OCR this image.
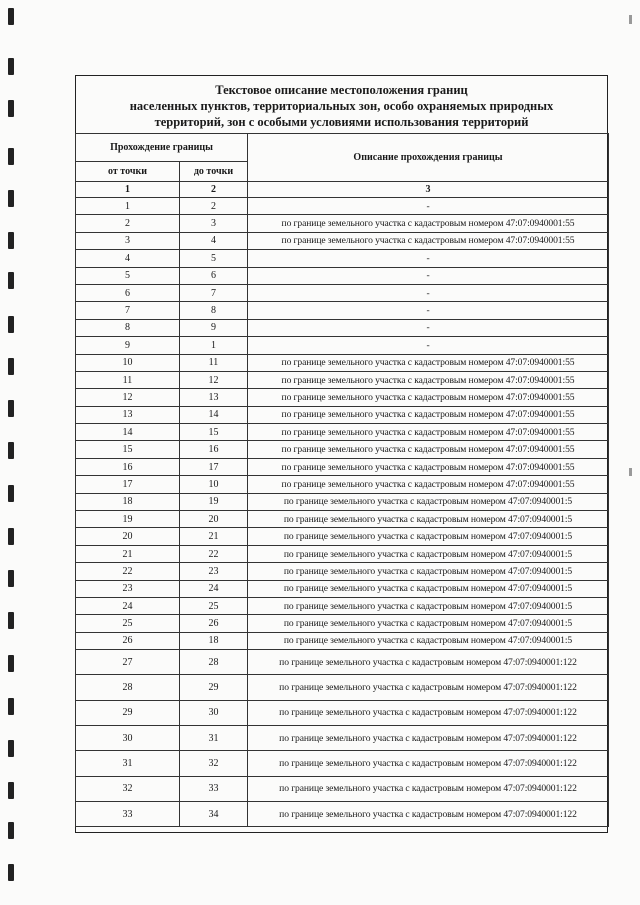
Текстовое описание местоположения границ
населенных пунктов, территориальных зон, особо охраняемых природных
территорий, зон с особыми условиями использования территорий
Прохождение границы		Описание прохождения границы
от точки	до точки	
1	2	3
1	2	-
2	3	по границе земельного участка с кадастровым номером 47:07:0940001:55
3	4	по границе земельного участка с кадастровым номером 47:07:0940001:55
4	5	-
5	6	-
6	7	-
7	8	-
8	9	-
9	1	-
10	11	по границе земельного участка с кадастровым номером 47:07:0940001:55
11	12	по границе земельного участка с кадастровым номером 47:07:0940001:55
12	13	по границе земельного участка с кадастровым номером 47:07:0940001:55
13	14	по границе земельного участка с кадастровым номером 47:07:0940001:55
14	15	по границе земельного участка с кадастровым номером 47:07:0940001:55
15	16	по границе земельного участка с кадастровым номером 47:07:0940001:55
16	17	по границе земельного участка с кадастровым номером 47:07:0940001:55
17	10	по границе земельного участка с кадастровым номером 47:07:0940001:55
18	19	по границе земельного участка с кадастровым номером 47:07:0940001:5
19	20	по границе земельного участка с кадастровым номером 47:07:0940001:5
20	21	по границе земельного участка с кадастровым номером 47:07:0940001:5
21	22	по границе земельного участка с кадастровым номером 47:07:0940001:5
22	23	по границе земельного участка с кадастровым номером 47:07:0940001:5
23	24	по границе земельного участка с кадастровым номером 47:07:0940001:5
24	25	по границе земельного участка с кадастровым номером 47:07:0940001:5
25	26	по границе земельного участка с кадастровым номером 47:07:0940001:5
26	18	по границе земельного участка с кадастровым номером 47:07:0940001:5
27	28	по границе земельного участка с кадастровым номером 47:07:0940001:122
28	29	по границе земельного участка с кадастровым номером 47:07:0940001:122
29	30	по границе земельного участка с кадастровым номером 47:07:0940001:122
30	31	по границе земельного участка с кадастровым номером 47:07:0940001:122
31	32	по границе земельного участка с кадастровым номером 47:07:0940001:122
32	33	по границе земельного участка с кадастровым номером 47:07:0940001:122
33	34	по границе земельного участка с кадастровым номером 47:07:0940001:122
